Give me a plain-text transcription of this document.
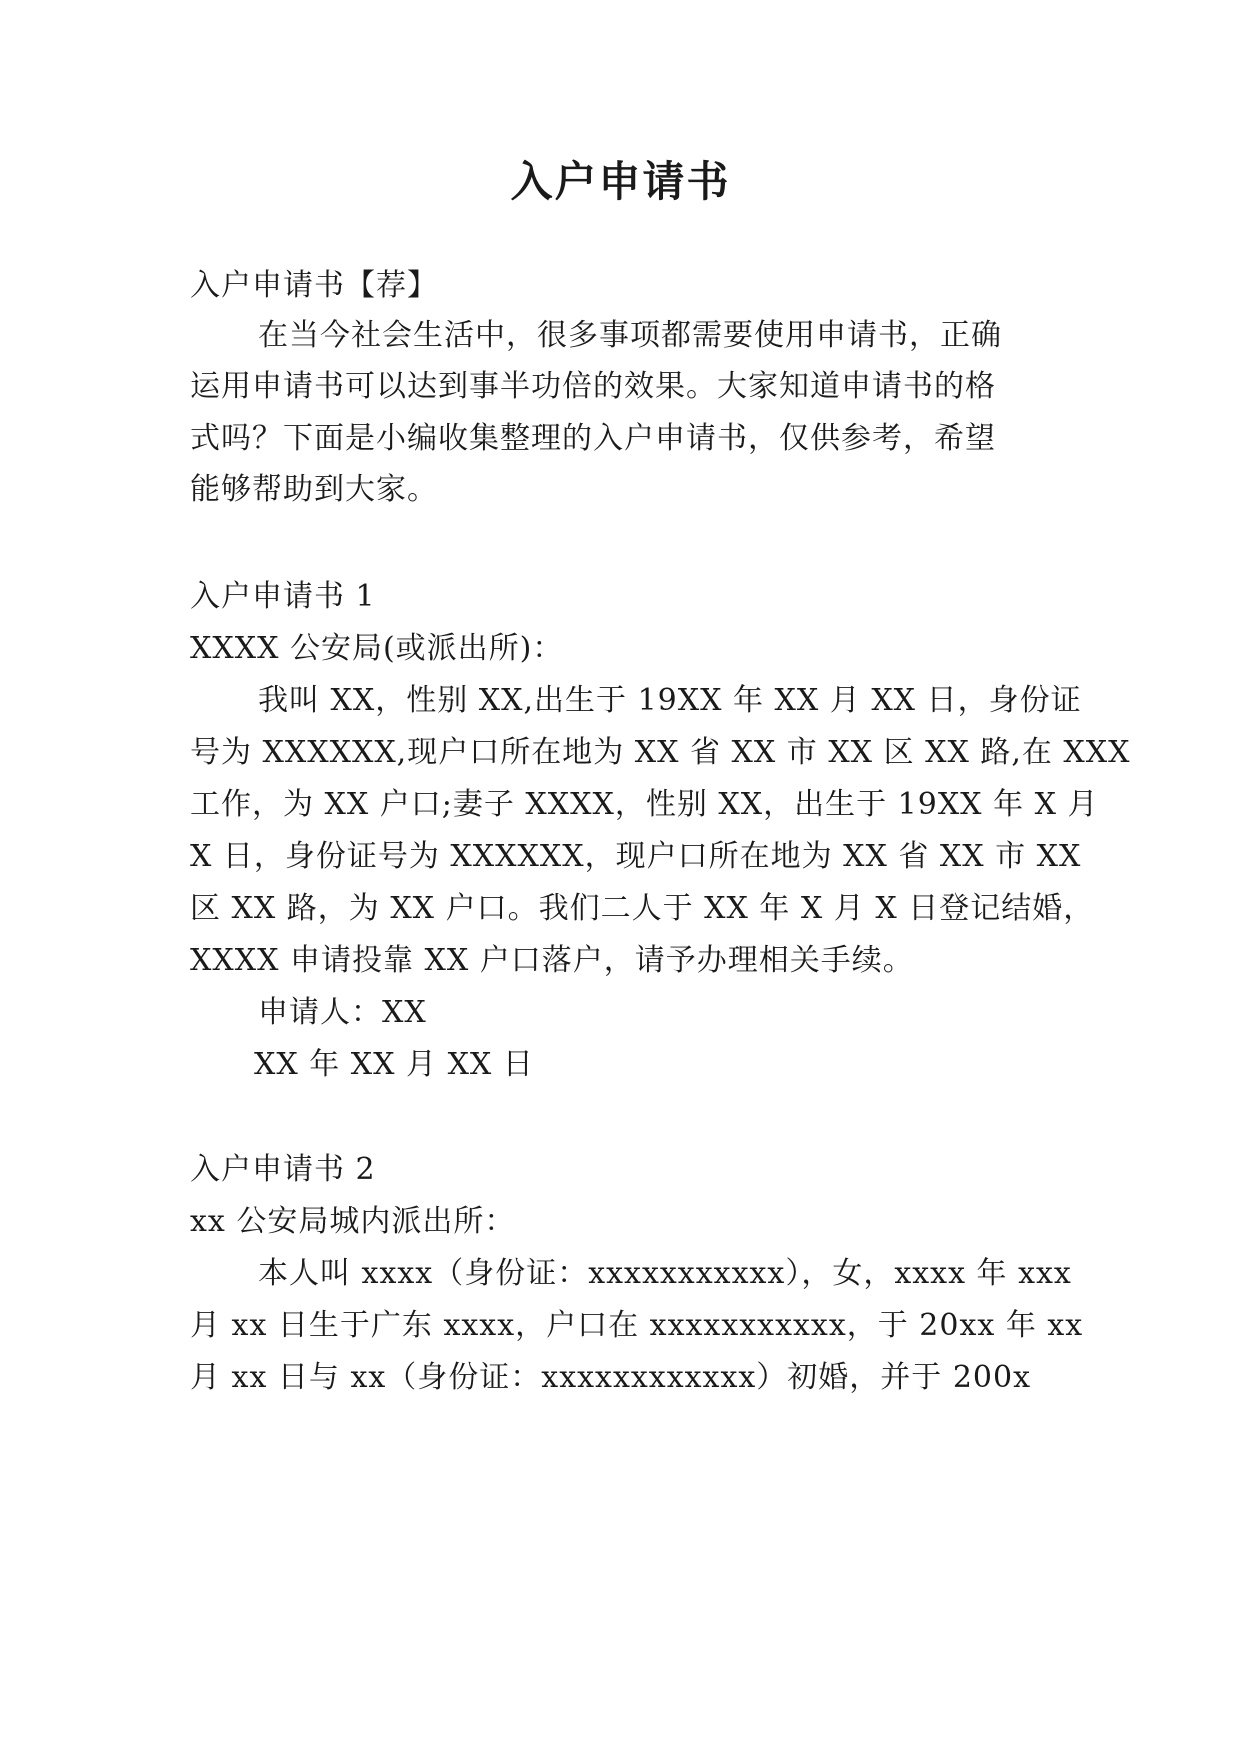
入户申请书
入户申请书【荐】
在当今社会生活中，很多事项都需要使用申请书，正确
运用申请书可以达到事半功倍的效果。大家知道申请书的格
式吗？下面是小编收集整理的入户申请书，仅供参考，希望
能够帮助到大家。
入户申请书 1
XXXX 公安局(或派出所)：
我叫 XX，性别 XX,出生于 19XX 年 XX 月 XX 日，身份证
号为 XXXXXX,现户口所在地为 XX 省 XX 市 XX 区 XX 路,在 XXX
工作，为 XX 户口;妻子 XXXX，性别 XX，出生于 19XX 年 X 月
X 日，身份证号为 XXXXXX，现户口所在地为 XX 省 XX 市 XX
区 XX 路，为 XX 户口。我们二人于 XX 年 X 月 X 日登记结婚，
XXXX 申请投靠 XX 户口落户，请予办理相关手续。
申请人：XX
XX 年 XX 月 XX 日
入户申请书 2
xx 公安局城内派出所：
本人叫 xxxx（身份证：xxxxxxxxxxx），女，xxxx 年 xxx
月 xx 日生于广东 xxxx，户口在 xxxxxxxxxxx，于 20xx 年 xx
月 xx 日与 xx（身份证：xxxxxxxxxxxx）初婚，并于 200x
